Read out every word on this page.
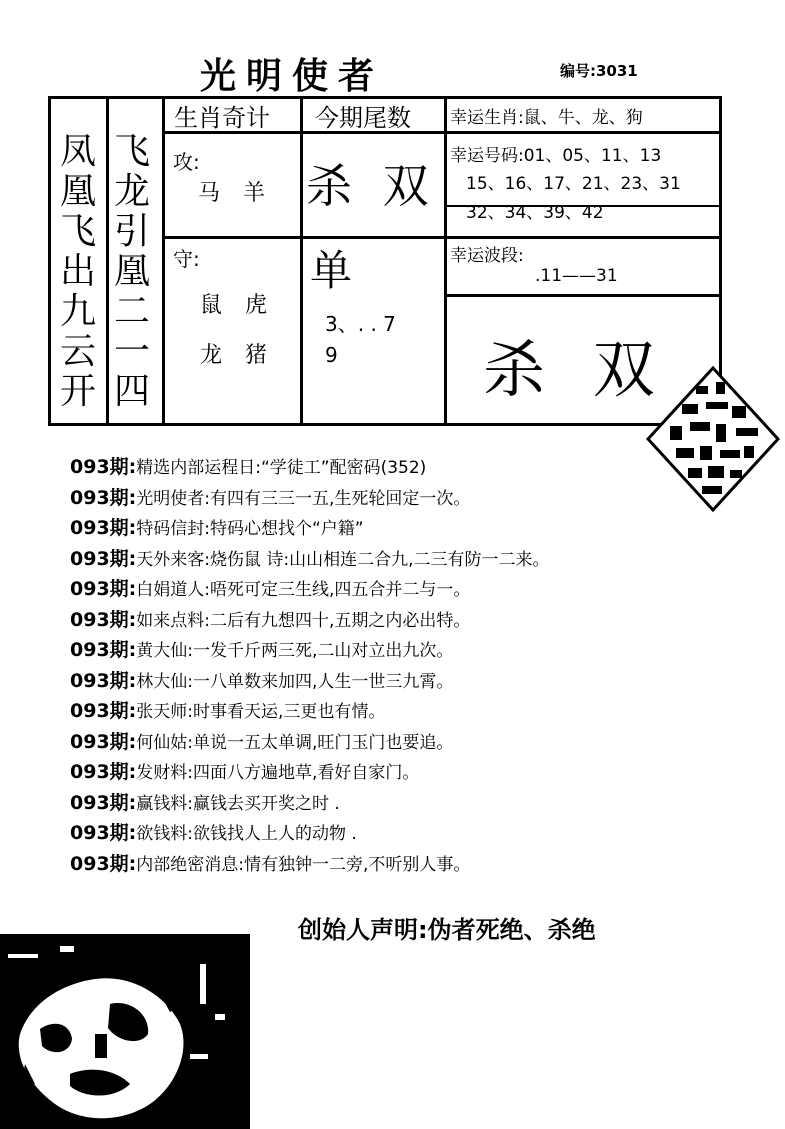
光明使者	编号:3031
凤
凰
飞
出
九
云
开
飞
龙
引
凰
二
一
四
生肖奇计 今期尾数 幸运生肖:鼠、牛、龙、狗
攻:
马 羊 杀 双
幸运号码:01、05、11、13
15、16、17、21、23、31
32、34、39、42
守:
鼠 虎
龙 猪
单
3、. . 7
9
幸运波段:
.11——31
杀 双
093期:精选内部运程日:“学徒工”配密码(352)
093期:光明使者:有四有三三一五,生死轮回定一次。
093期:特码信封:特码心想找个“户籍”
093期:天外来客:烧伤鼠 诗:山山相连二合九,二三有防一二来。
093期:白娟道人:唔死可定三生线,四五合并二与一。
093期:如来点料:二后有九想四十,五期之内必出特。
093期:黄大仙:一发千斤两三死,二山对立出九次。
093期:林大仙:一八单数来加四,人生一世三九霄。
093期:张天师:时事看天运,三更也有情。
093期:何仙姑:单说一五太单调,旺门玉门也要追。
093期:发财料:四面八方遍地草,看好自家门。
093期:赢钱料:赢钱去买开奖之时 .
093期:欲钱料:欲钱找人上人的动物 .
093期:内部绝密消息:情有独钟一二旁,不听别人事。
创始人声明:伪者死绝、杀绝
